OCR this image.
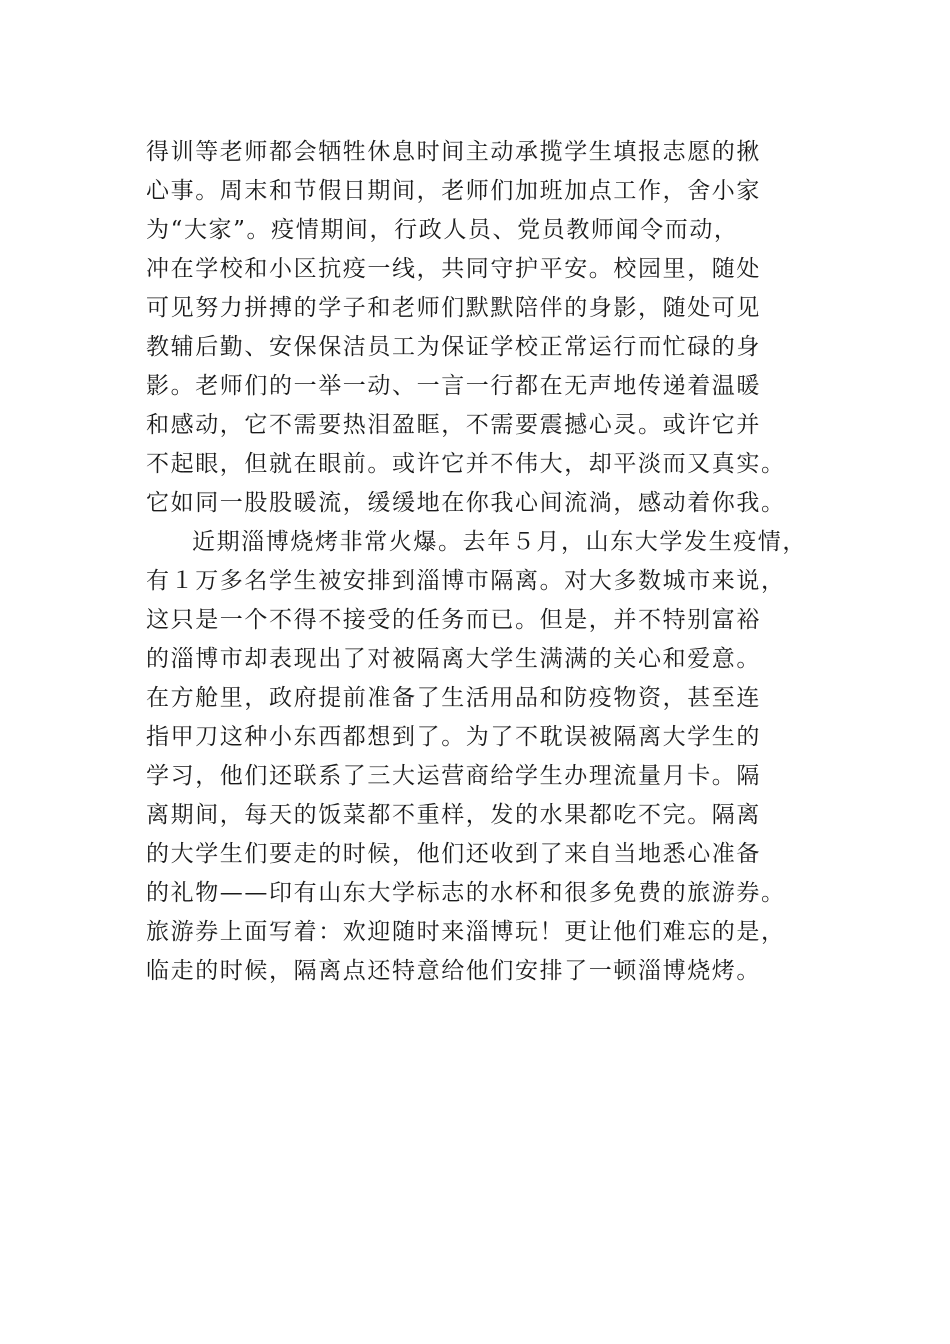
得训等老师都会牺牲休息时间主动承揽学生填报志愿的揪
心事。周末和节假日期间，老师们加班加点工作，舍小家
为“大家”。疫情期间，行政人员、党员教师闻令而动，
冲在学校和小区抗疫一线，共同守护平安。校园里，随处
可见努力拼搏的学子和老师们默默陪伴的身影，随处可见
教辅后勤、安保保洁员工为保证学校正常运行而忙碌的身
影。老师们的一举一动、一言一行都在无声地传递着温暖
和感动，它不需要热泪盈眶，不需要震撼心灵。或许它并
不起眼，但就在眼前。或许它并不伟大，却平淡而又真实。
它如同一股股暖流，缓缓地在你我心间流淌，感动着你我。
近期淄博烧烤非常火爆。去年５月，山东大学发生疫情，
有１万多名学生被安排到淄博市隔离。对大多数城市来说，
这只是一个不得不接受的任务而已。但是，并不特别富裕
的淄博市却表现出了对被隔离大学生满满的关心和爱意。
在方舱里，政府提前准备了生活用品和防疫物资，甚至连
指甲刀这种小东西都想到了。为了不耽误被隔离大学生的
学习，他们还联系了三大运营商给学生办理流量月卡。隔
离期间，每天的饭菜都不重样，发的水果都吃不完。隔离
的大学生们要走的时候，他们还收到了来自当地悉心准备
的礼物——印有山东大学标志的水杯和很多免费的旅游券。
旅游券上面写着：欢迎随时来淄博玩！更让他们难忘的是，
临走的时候，隔离点还特意给他们安排了一顿淄博烧烤。
